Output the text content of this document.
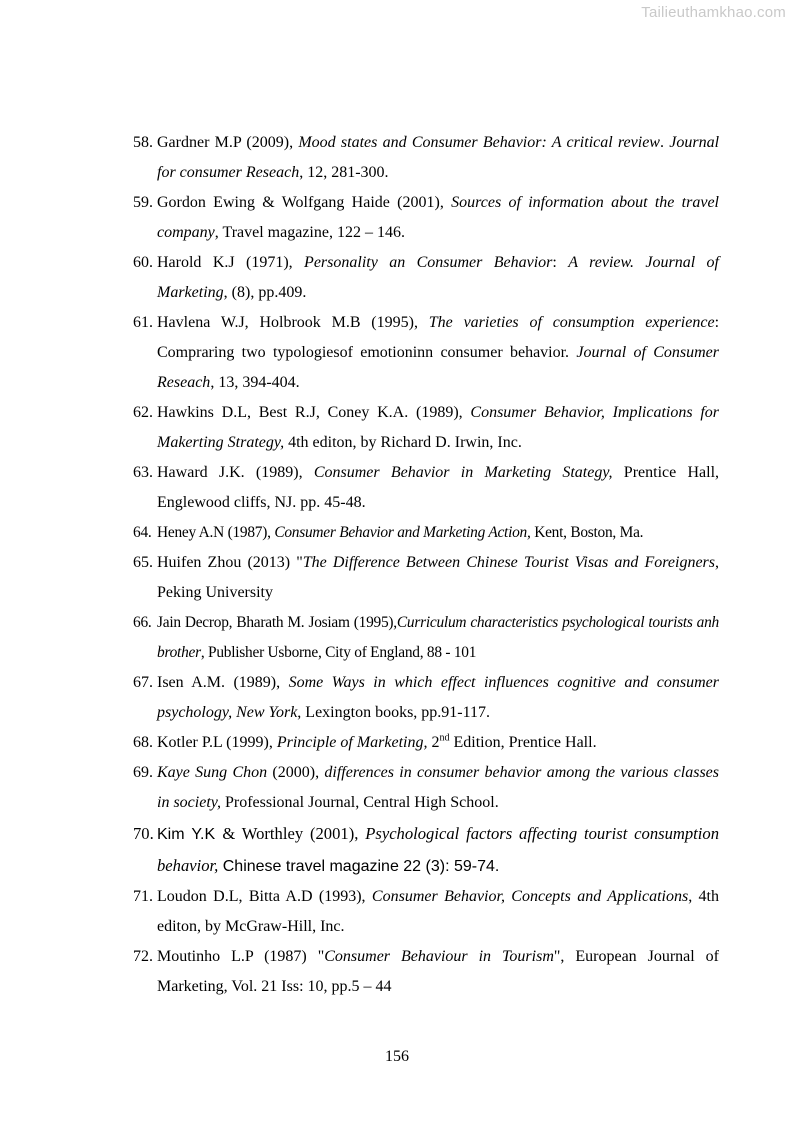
Tailieuthamkhao.com
58. Gardner M.P (2009), Mood states and Consumer Behavior: A critical review. Journal for consumer Reseach, 12, 281-300.
59. Gordon Ewing & Wolfgang Haide (2001), Sources of information about the travel company, Travel magazine, 122 – 146.
60. Harold K.J (1971), Personality an Consumer Behavior: A review. Journal of Marketing, (8), pp.409.
61. Havlena W.J, Holbrook M.B (1995), The varieties of consumption experience: Comprаring two typologiesof emotioninn consumer behavior. Journal of Consumer Reseach, 13, 394-404.
62. Hawkins D.L, Best R.J, Coney K.A. (1989), Consumer Behavior, Implications for Makerting Strategy, 4th editon, by Richard D. Irwin, Inc.
63. Haward J.K. (1989), Consumer Behavior in Marketing Stategy, Prentice Hall, Englewood cliffs, NJ. pp. 45-48.
64. Heney A.N (1987), Consumer Behavior and Marketing Action, Kent, Boston, Ma.
65. Huifen Zhou (2013) "The Difference Between Chinese Tourist Visas and Foreigners, Peking University
66. Jain Decrop, Bharath M. Josiam (1995),Curriculum characteristics psychological tourists anh brother, Publisher Usborne, City of England, 88 - 101
67. Isen A.M. (1989), Some Ways in which effect influences cognitive and consumer psychology, New York, Lexington books, pp.91-117.
68. Kotler P.L (1999), Principle of Marketing, 2nd Edition, Prentice Hall.
69. Kaye Sung Chon (2000), differences in consumer behavior among the various classes in society, Professional Journal, Central High School.
70. Kim Y.K & Worthley (2001), Psychological factors affecting tourist consumption behavior, Chinese travel magazine 22 (3): 59-74.
71. Loudon D.L, Bitta A.D (1993), Consumer Behavior, Concepts and Applications, 4th editon, by McGraw-Hill, Inc.
72. Moutinho L.P (1987) "Consumer Behaviour in Tourism", European Journal of Marketing, Vol. 21 Iss: 10, pp.5 – 44
156
